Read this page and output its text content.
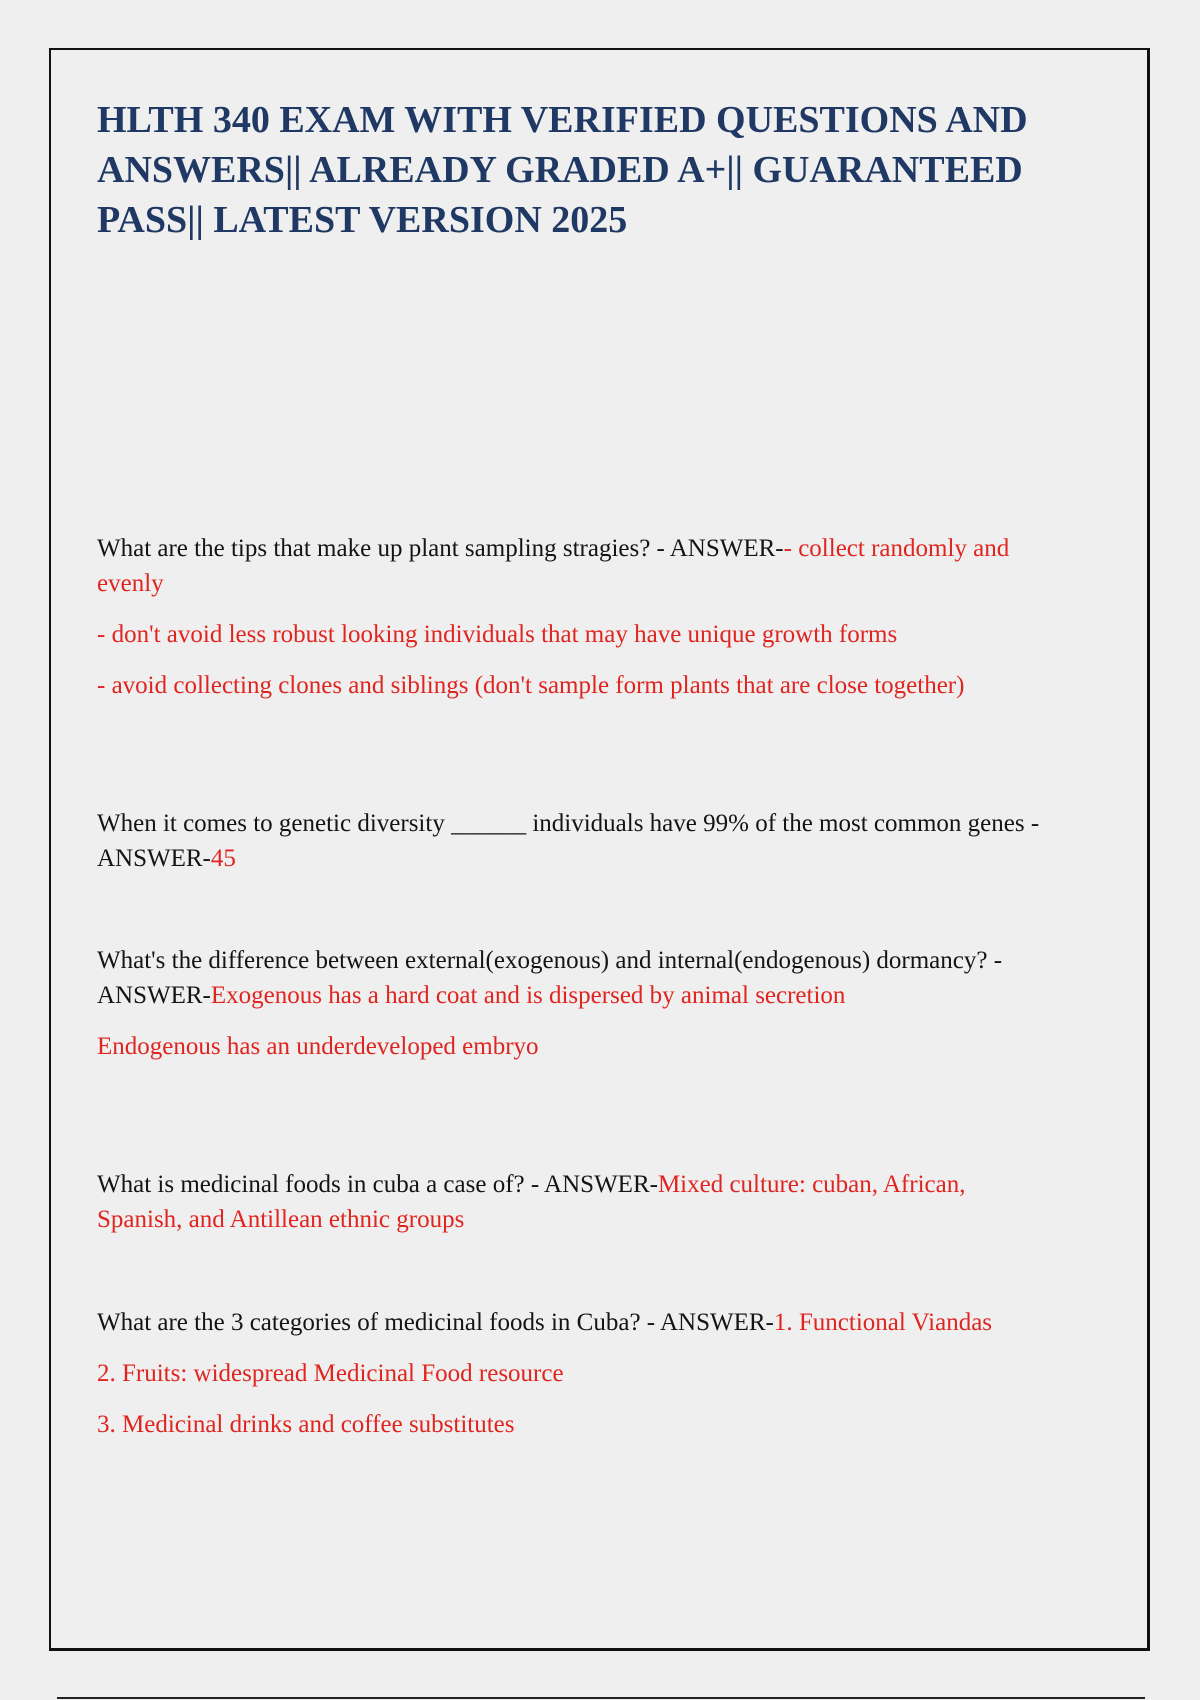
HLTH 340 EXAM WITH VERIFIED QUESTIONS AND ANSWERS|| ALREADY GRADED A+|| GUARANTEED PASS|| LATEST VERSION 2025

What are the tips that make up plant sampling stragies? - ANSWER-- collect randomly and evenly

- don't avoid less robust looking individuals that may have unique growth forms

- avoid collecting clones and siblings (don't sample form plants that are close together)

When it comes to genetic diversity ______ individuals have 99% of the most common genes - ANSWER-45

What's the difference between external(exogenous) and internal(endogenous) dormancy? - ANSWER-Exogenous has a hard coat and is dispersed by animal secretion

Endogenous has an underdeveloped embryo

What is medicinal foods in cuba a case of? - ANSWER-Mixed culture: cuban, African, Spanish, and Antillean ethnic groups

What are the 3 categories of medicinal foods in Cuba? - ANSWER-1. Functional Viandas

2. Fruits: widespread Medicinal Food resource

3. Medicinal drinks and coffee substitutes
